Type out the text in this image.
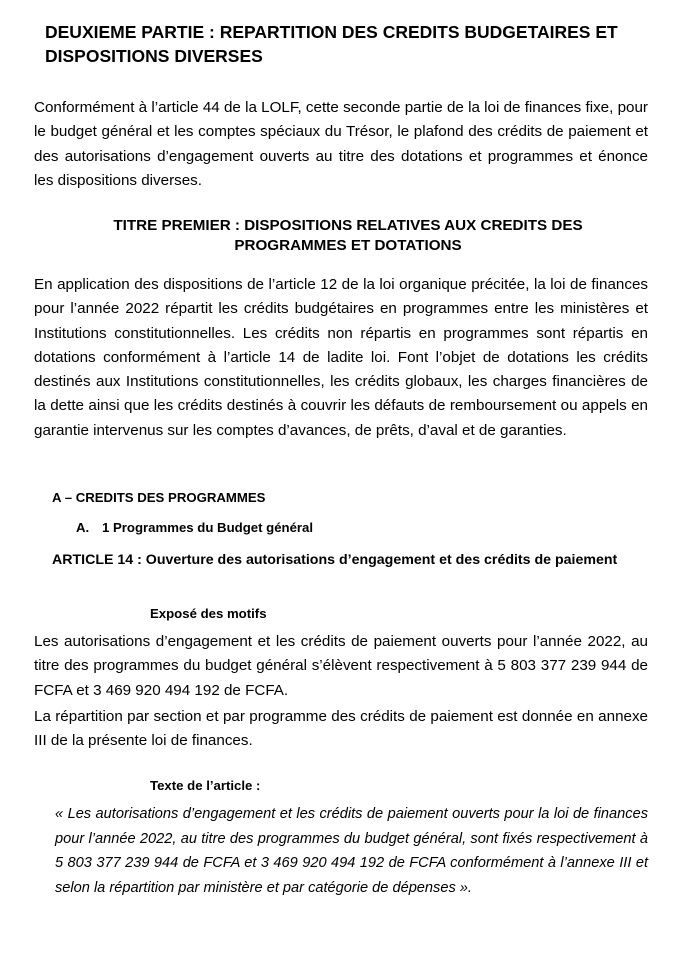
DEUXIEME PARTIE : REPARTITION DES CREDITS BUDGETAIRES ET DISPOSITIONS DIVERSES

Conformément à l’article 44 de la LOLF, cette seconde partie de la loi de finances fixe, pour le budget général et les comptes spéciaux du Trésor, le plafond des crédits de paiement et des autorisations d’engagement ouverts au titre des dotations et programmes et énonce les dispositions diverses.

TITRE PREMIER : DISPOSITIONS RELATIVES AUX CREDITS DES PROGRAMMES ET DOTATIONS

En application des dispositions de l’article 12 de la loi organique précitée, la loi de finances pour l’année 2022 répartit les crédits budgétaires en programmes entre les ministères et Institutions constitutionnelles. Les crédits non répartis en programmes sont répartis en dotations conformément à l’article 14 de ladite loi. Font l’objet de dotations les crédits destinés aux Institutions constitutionnelles, les crédits globaux, les charges financières de la dette ainsi que les crédits destinés à couvrir les défauts de remboursement ou appels en garantie intervenus sur les comptes d’avances, de prêts, d’aval et de garanties.

A – CREDITS DES PROGRAMMES
A. 1 Programmes du Budget général

ARTICLE 14 : Ouverture des autorisations d’engagement et des crédits de paiement

Exposé des motifs

Les autorisations d’engagement et les crédits de paiement ouverts pour l’année 2022, au titre des programmes du budget général s’élèvent respectivement à 5 803 377 239 944 de FCFA et 3 469 920 494 192 de FCFA.

La répartition par section et par programme des crédits de paiement est donnée en annexe III de la présente loi de finances.

Texte de l’article :

« Les autorisations d’engagement et les crédits de paiement ouverts pour la loi de finances pour l’année 2022, au titre des programmes du budget général, sont fixés respectivement à 5 803 377 239 944 de FCFA et 3 469 920 494 192 de FCFA conformément à l’annexe III et selon la répartition par ministère et par catégorie de dépenses ».
